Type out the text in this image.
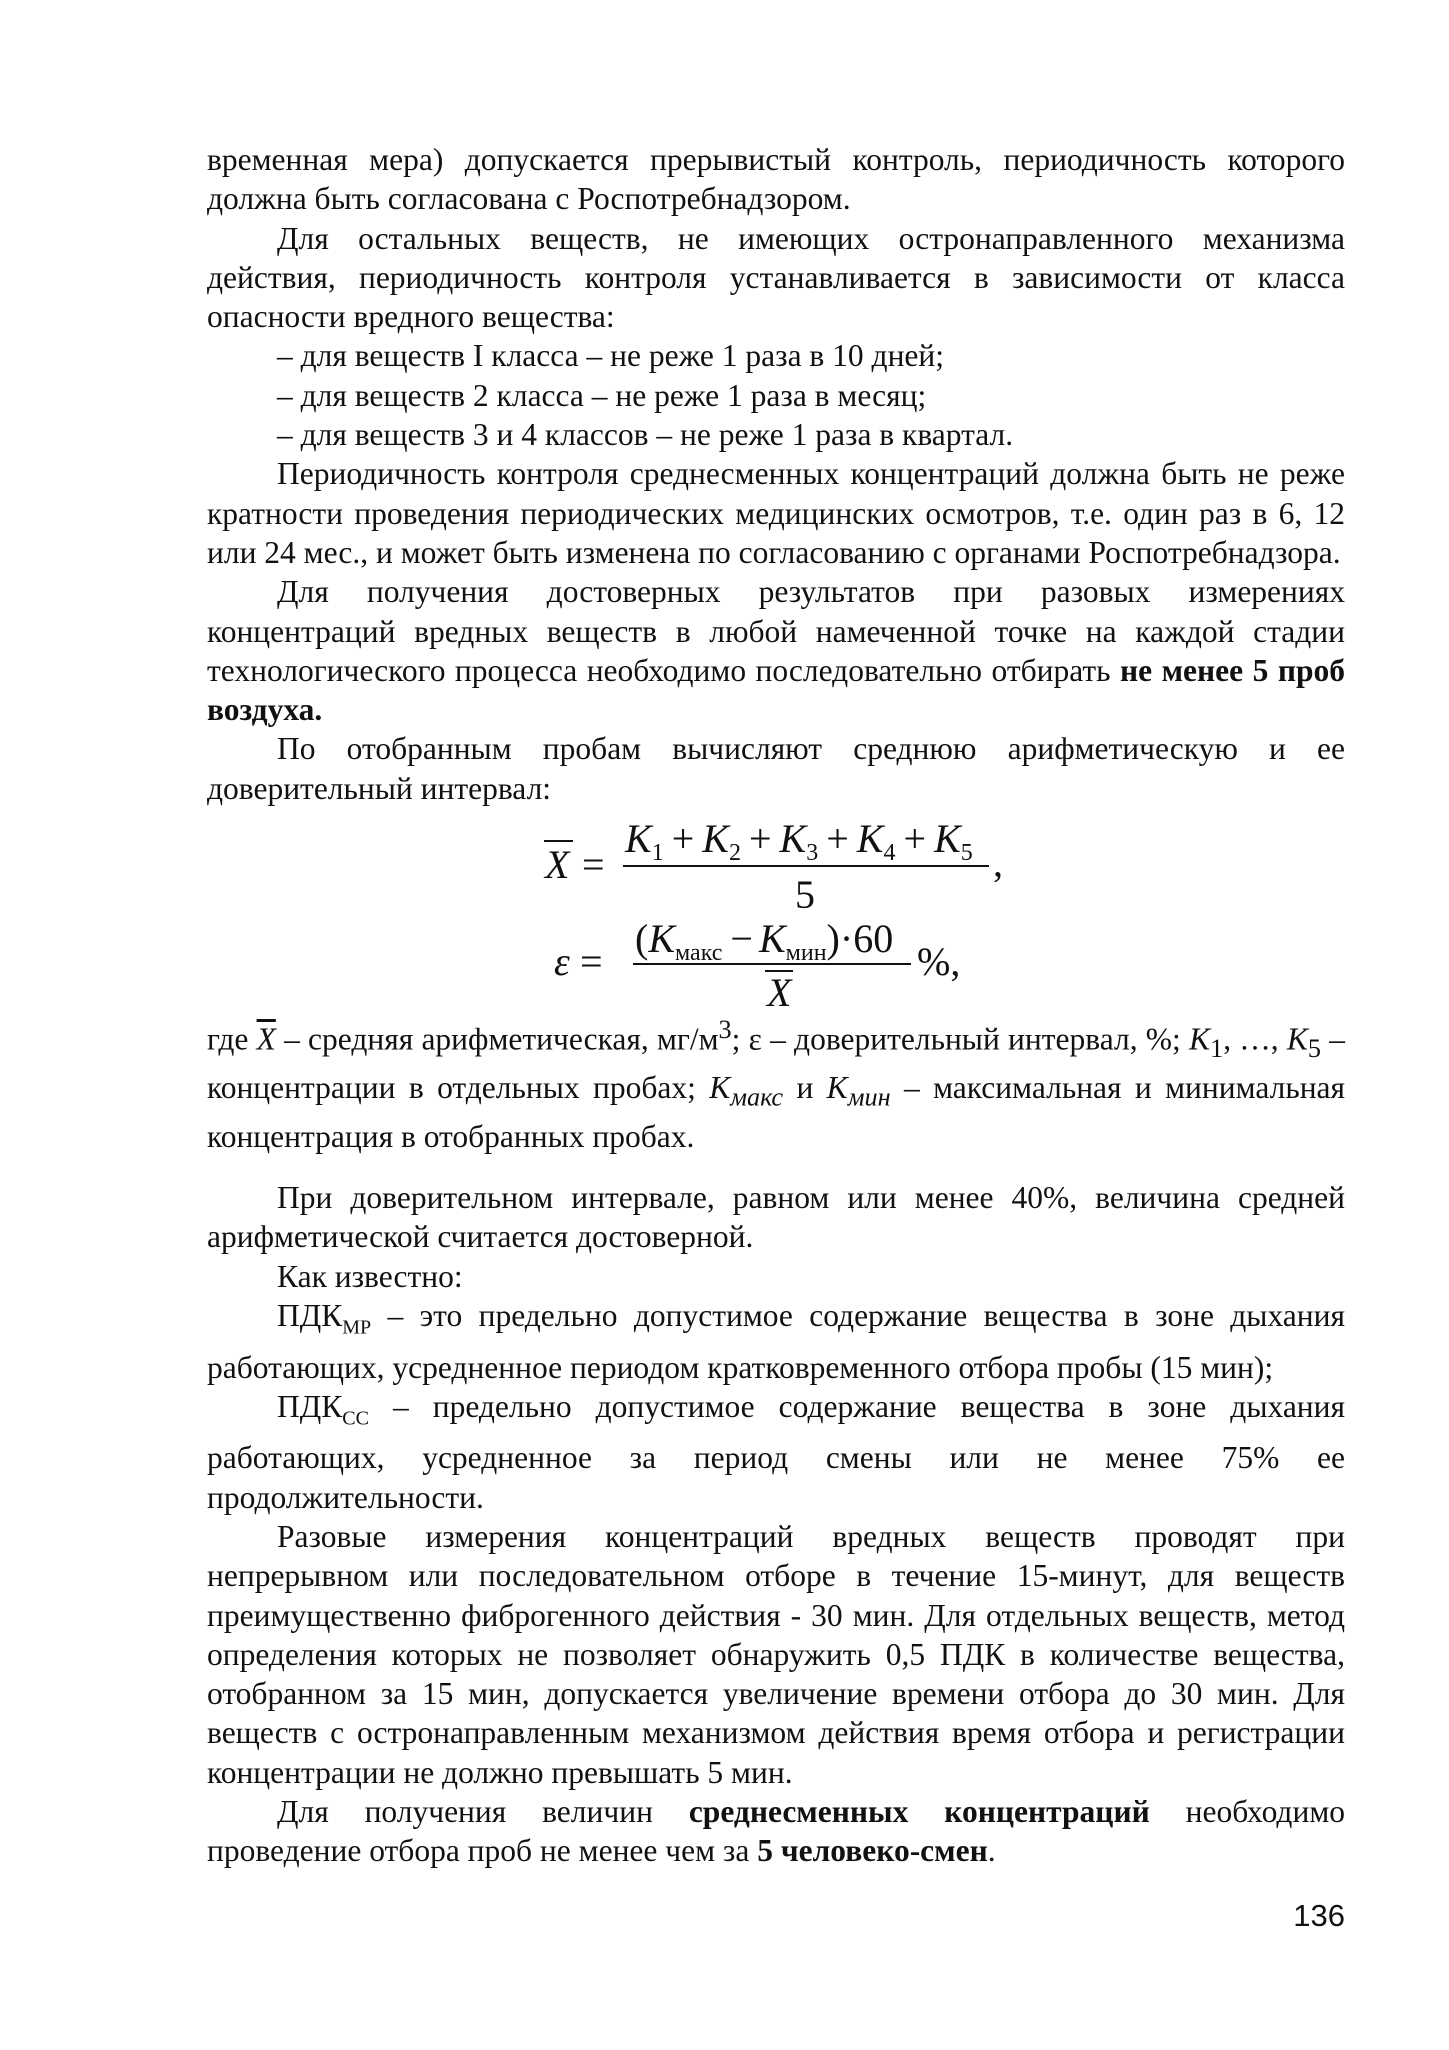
временная мера) допускается прерывистый контроль, периодичность которого должна быть согласована с Роспотребнадзором.

Для остальных веществ, не имеющих остронаправленного механизма действия, периодичность контроля устанавливается в зависимости от класса опасности вредного вещества:

– для веществ I класса – не реже 1 раза в 10 дней;

– для веществ 2 класса – не реже 1 раза в месяц;

– для веществ 3 и 4 классов – не реже 1 раза в квартал.

Периодичность контроля среднесменных концентраций должна быть не реже кратности проведения периодических медицинских осмотров, т.е. один раз в 6, 12 или 24 мес., и может быть изменена по согласованию с органами Роспотребнадзора.

Для получения достоверных результатов при разовых измерениях концентраций вредных веществ в любой намеченной точке на каждой стадии технологического процесса необходимо последовательно отбирать не менее 5 проб воздуха.

По отобранным пробам вычисляют среднюю арифметическую и ее доверительный интервал:

X =
$K_1 + K_2 + K_3 + K_4 + K_5$
5
,
ε =
$(K_{макс} - K_{мин})\cdot 60$
X
%,

где $\overline{X}$ – средняя арифметическая, $мг/м^3$; ε – доверительный интервал, %; $K_1$, …, $K_5$ – концентрации в отдельных пробах; $K_{макс}$ и $K_{мин}$ – максимальная и минимальная концентрация в отобранных пробах.

При доверительном интервале, равном или менее 40%, величина средней арифметической считается достоверной.

Как известно:

$ПДК_{МР}$ – это предельно допустимое содержание вещества в зоне дыхания работающих, усредненное периодом кратковременного отбора пробы (15 мин);

$ПДК_{СС}$ – предельно допустимое содержание вещества в зоне дыхания работающих, усредненное за период смены или не менее 75% ее продолжительности.

Разовые измерения концентраций вредных веществ проводят при непрерывном или последовательном отборе в течение 15-минут, для веществ преимущественно фиброгенного действия - 30 мин. Для отдельных веществ, метод определения которых не позволяет обнаружить 0,5 ПДК в количестве вещества, отобранном за 15 мин, допускается увеличение времени отбора до 30 мин. Для веществ с остронаправленным механизмом действия время отбора и регистрации концентрации не должно превышать 5 мин.

Для получения величин среднесменных концентраций необходимо проведение отбора проб не менее чем за 5 человеко-смен.

136
